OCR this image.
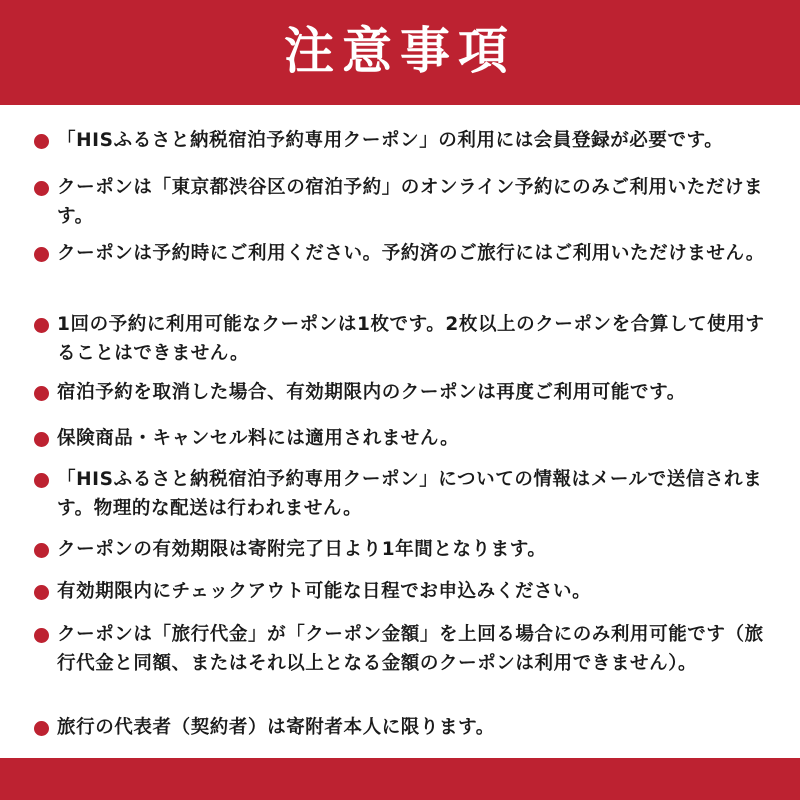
注意事項
「HISふるさと納税宿泊予約専用クーポン」の利用には会員登録が必要です。
クーポンは「東京都渋谷区の宿泊予約」のオンライン予約にのみご利用いただけます。
クーポンは予約時にご利用ください。予約済のご旅行にはご利用いただけません。
1回の予約に利用可能なクーポンは1枚です。2枚以上のクーポンを合算して使用することはできません。
宿泊予約を取消した場合、有効期限内のクーポンは再度ご利用可能です。
保険商品・キャンセル料には適用されません。
「HISふるさと納税宿泊予約専用クーポン」についての情報はメールで送信されます。物理的な配送は行われません。
クーポンの有効期限は寄附完了日より1年間となります。
有効期限内にチェックアウト可能な日程でお申込みください。
クーポンは「旅行代金」が「クーポン金額」を上回る場合にのみ利用可能です（旅行代金と同額、またはそれ以上となる金額のクーポンは利用できません）。
旅行の代表者（契約者）は寄附者本人に限ります。
